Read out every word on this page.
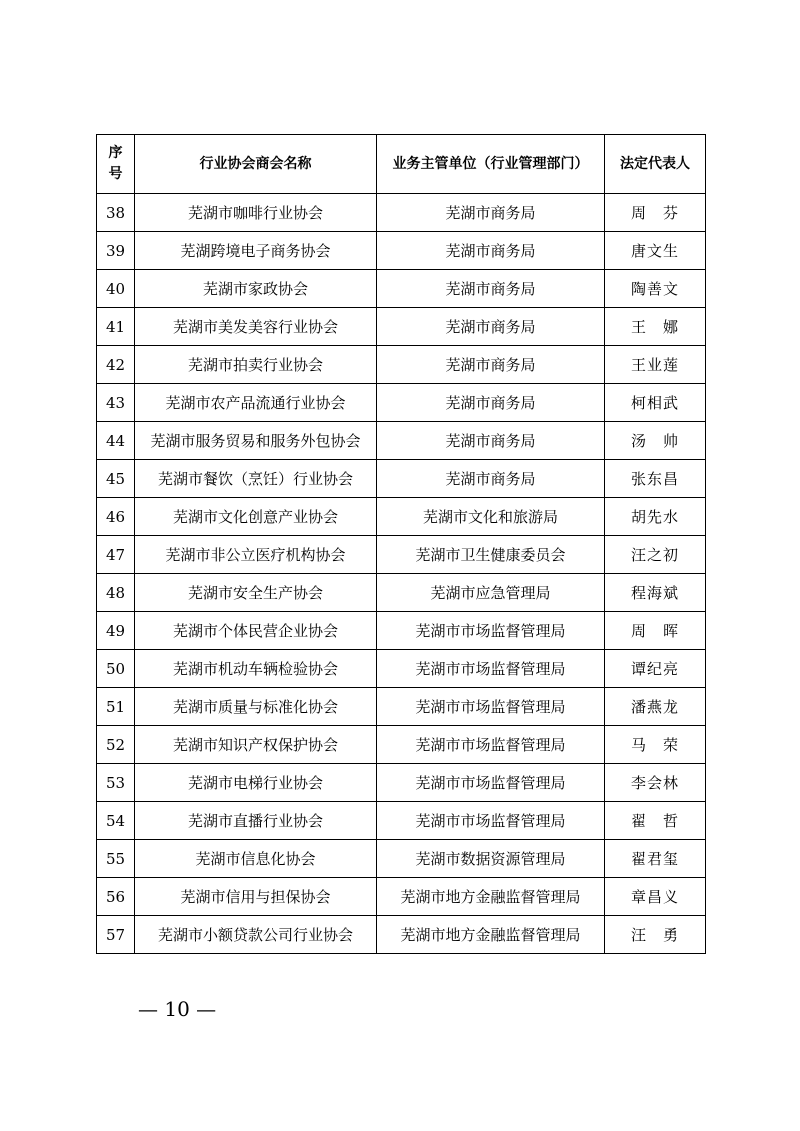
序
号	行业协会商会名称	业务主管单位（行业管理部门）	法定代表人
38	芜湖市咖啡行业协会	芜湖市商务局	周　芬
39	芜湖跨境电子商务协会	芜湖市商务局	唐文生
40	芜湖市家政协会	芜湖市商务局	陶善文
41	芜湖市美发美容行业协会	芜湖市商务局	王　娜
42	芜湖市拍卖行业协会	芜湖市商务局	王业莲
43	芜湖市农产品流通行业协会	芜湖市商务局	柯相武
44	芜湖市服务贸易和服务外包协会	芜湖市商务局	汤　帅
45	芜湖市餐饮（烹饪）行业协会	芜湖市商务局	张东昌
46	芜湖市文化创意产业协会	芜湖市文化和旅游局	胡先水
47	芜湖市非公立医疗机构协会	芜湖市卫生健康委员会	汪之初
48	芜湖市安全生产协会	芜湖市应急管理局	程海斌
49	芜湖市个体民营企业协会	芜湖市市场监督管理局	周　晖
50	芜湖市机动车辆检验协会	芜湖市市场监督管理局	谭纪亮
51	芜湖市质量与标准化协会	芜湖市市场监督管理局	潘燕龙
52	芜湖市知识产权保护协会	芜湖市市场监督管理局	马　荣
53	芜湖市电梯行业协会	芜湖市市场监督管理局	李会林
54	芜湖市直播行业协会	芜湖市市场监督管理局	翟　哲
55	芜湖市信息化协会	芜湖市数据资源管理局	翟君玺
56	芜湖市信用与担保协会	芜湖市地方金融监督管理局	章昌义
57	芜湖市小额贷款公司行业协会	芜湖市地方金融监督管理局	汪　勇
— 10 —
